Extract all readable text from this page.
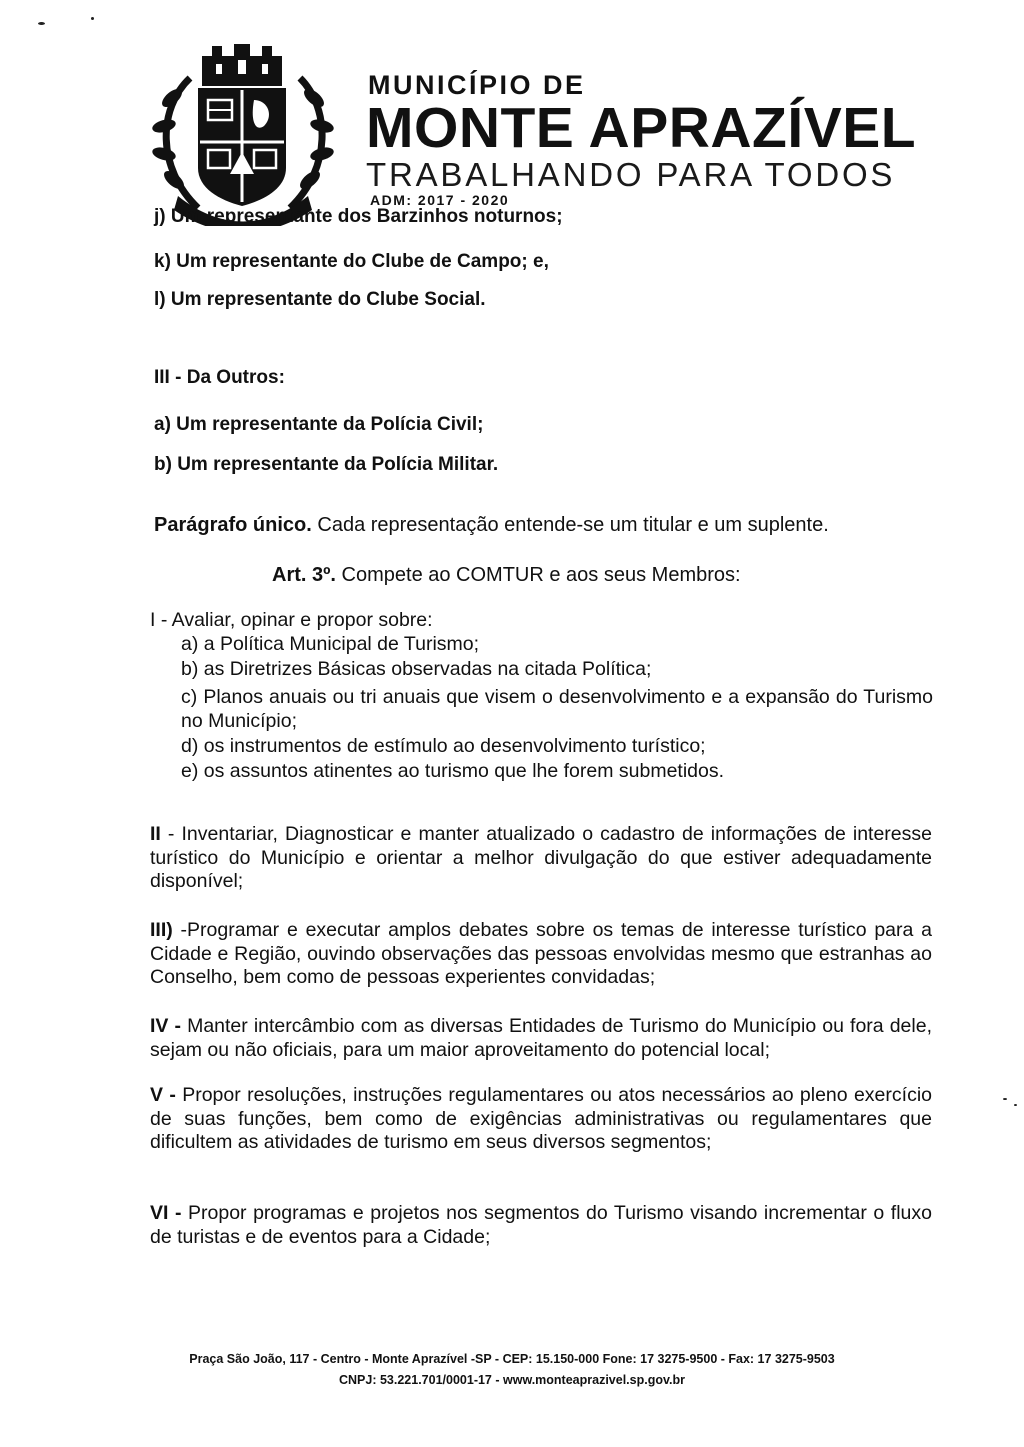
MUNICÍPIO DE
MONTE APRAZÍVEL
TRABALHANDO PARA TODOS
ADM: 2017 - 2020
j) Um representante dos Barzinhos noturnos;
k) Um representante do Clube de Campo; e,
l) Um representante do Clube Social.
III - Da Outros:
a) Um representante da Polícia Civil;
b) Um representante da Polícia Militar.
Parágrafo único. Cada representação entende-se um titular e um suplente.
Art. 3º. Compete ao COMTUR e aos seus Membros:
I - Avaliar, opinar e propor sobre:
a) a Política Municipal de Turismo;
b) as Diretrizes Básicas observadas na citada Política;
c) Planos anuais ou tri anuais que visem o desenvolvimento e a expansão do Turismo no Município;
d) os instrumentos de estímulo ao desenvolvimento turístico;
e) os assuntos atinentes ao turismo que lhe forem submetidos.
II - Inventariar, Diagnosticar e manter atualizado o cadastro de informações de interesse turístico do Município e orientar a melhor divulgação do que estiver adequadamente disponível;
III) -Programar e executar amplos debates sobre os temas de interesse turístico para a Cidade e Região, ouvindo observações das pessoas envolvidas mesmo que estranhas ao Conselho, bem como de pessoas experientes convidadas;
IV - Manter intercâmbio com as diversas Entidades de Turismo do Município ou fora dele, sejam ou não oficiais, para um maior aproveitamento do potencial local;
V - Propor resoluções, instruções regulamentares ou atos necessários ao pleno exercício de suas funções, bem como de exigências administrativas ou regulamentares que dificultem as atividades de turismo em seus diversos segmentos;
VI - Propor programas e projetos nos segmentos do Turismo visando incrementar o fluxo de turistas e de eventos para a Cidade;
Praça São João, 117 - Centro - Monte Aprazível -SP - CEP: 15.150-000 Fone: 17 3275-9500 - Fax: 17 3275-9503
CNPJ: 53.221.701/0001-17 - www.monteaprazivel.sp.gov.br
